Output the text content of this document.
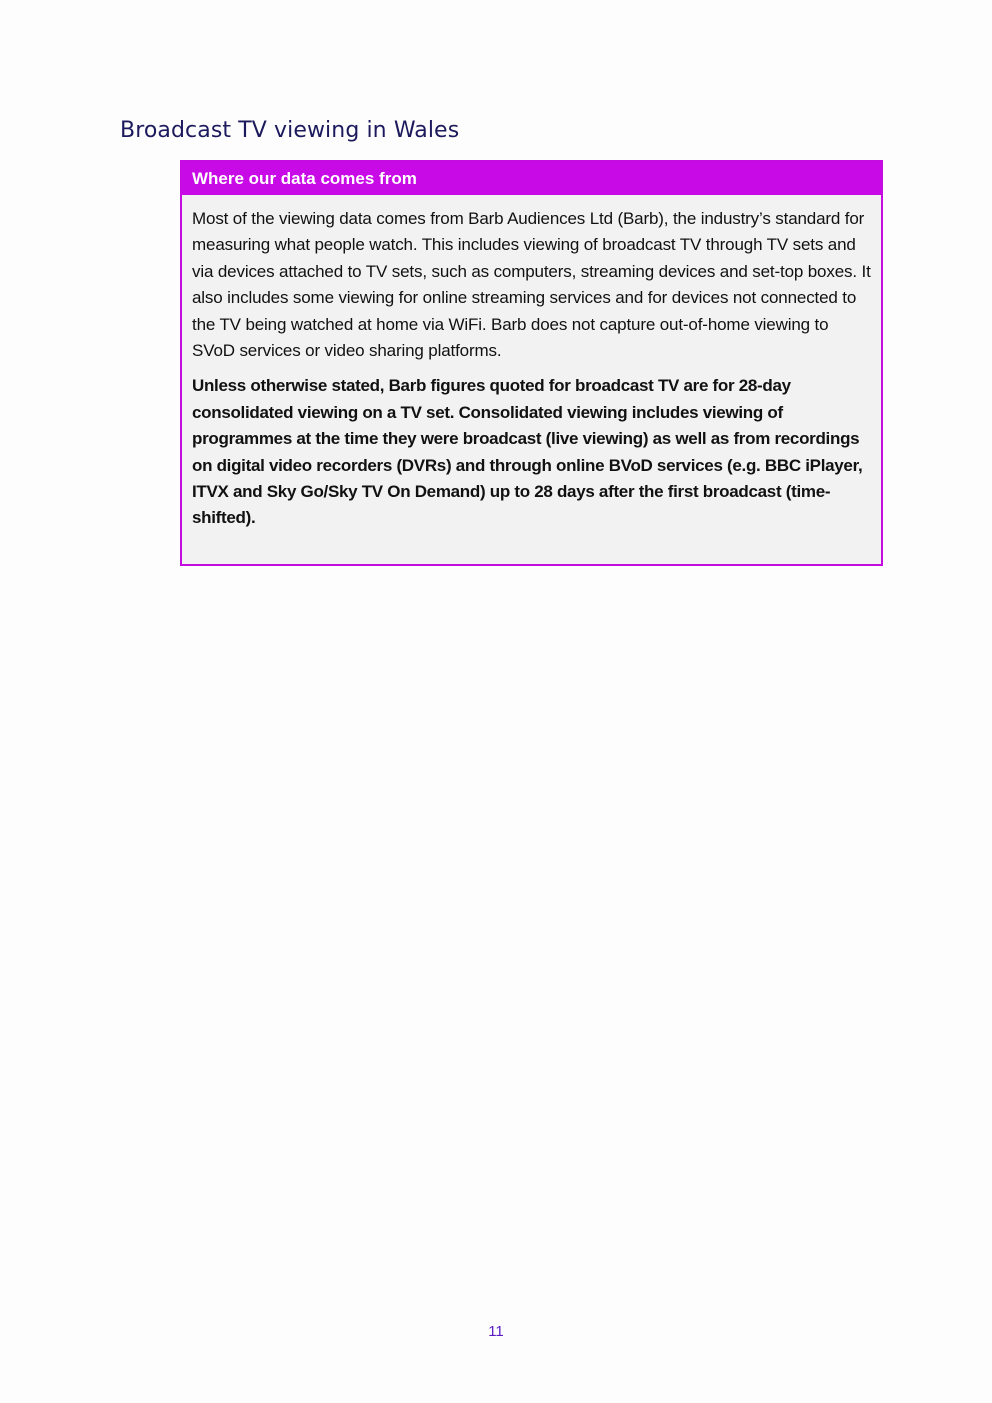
Broadcast TV viewing in Wales
Where our data comes from

Most of the viewing data comes from Barb Audiences Ltd (Barb), the industry’s standard for measuring what people watch. This includes viewing of broadcast TV through TV sets and via devices attached to TV sets, such as computers, streaming devices and set-top boxes. It also includes some viewing for online streaming services and for devices not connected to the TV being watched at home via WiFi. Barb does not capture out-of-home viewing to SVoD services or video sharing platforms.

Unless otherwise stated, Barb figures quoted for broadcast TV are for 28-day consolidated viewing on a TV set. Consolidated viewing includes viewing of programmes at the time they were broadcast (live viewing) as well as from recordings on digital video recorders (DVRs) and through online BVoD services (e.g. BBC iPlayer, ITVX and Sky Go/Sky TV On Demand) up to 28 days after the first broadcast (time-shifted).

11
